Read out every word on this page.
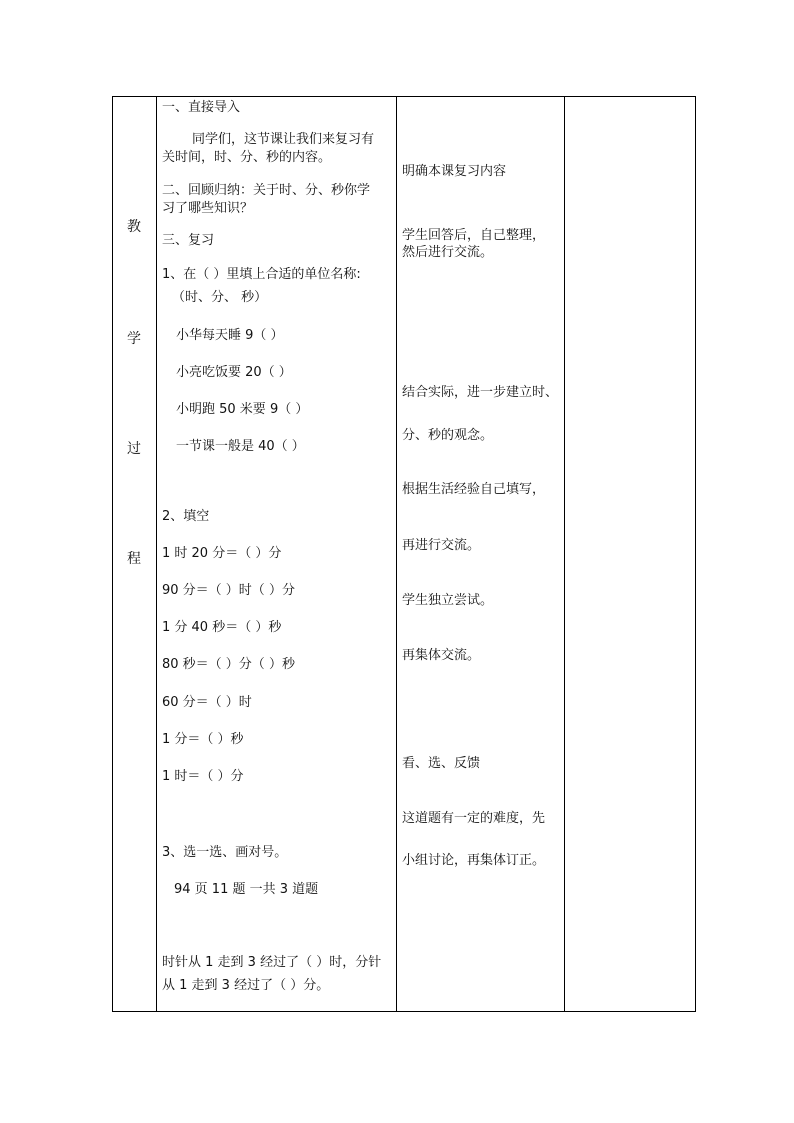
教
学
过
程
一、直接导入
同学们，这节课让我们来复习有
关时间，时、分、秒的内容。
二、回顾归纳：关于时、分、秒你学
习了哪些知识？
三、复习
1、在（ ）里填上合适的单位名称:
（时、分、 秒）
小华每天睡 9（ ）
小亮吃饭要 20（ ）
小明跑 50 米要 9（ ）
一节课一般是 40（ ）
2、填空
1 时 20 分＝（ ）分
90 分＝（ ）时（ ）分
1 分 40 秒＝（ ）秒
80 秒＝（ ）分（ ）秒
60 分＝（ ）时
1 分＝（ ）秒
1 时＝（ ）分
3、选一选、画对号。
94 页 11 题 一共 3 道题
时针从 1 走到 3 经过了（ ）时，分针
从 1 走到 3 经过了（ ）分。
明确本课复习内容
学生回答后，自己整理，
然后进行交流。
结合实际，进一步建立时、
分、秒的观念。
根据生活经验自己填写，
再进行交流。
学生独立尝试。
再集体交流。
看、选、反馈
这道题有一定的难度，先
小组讨论，再集体订正。
